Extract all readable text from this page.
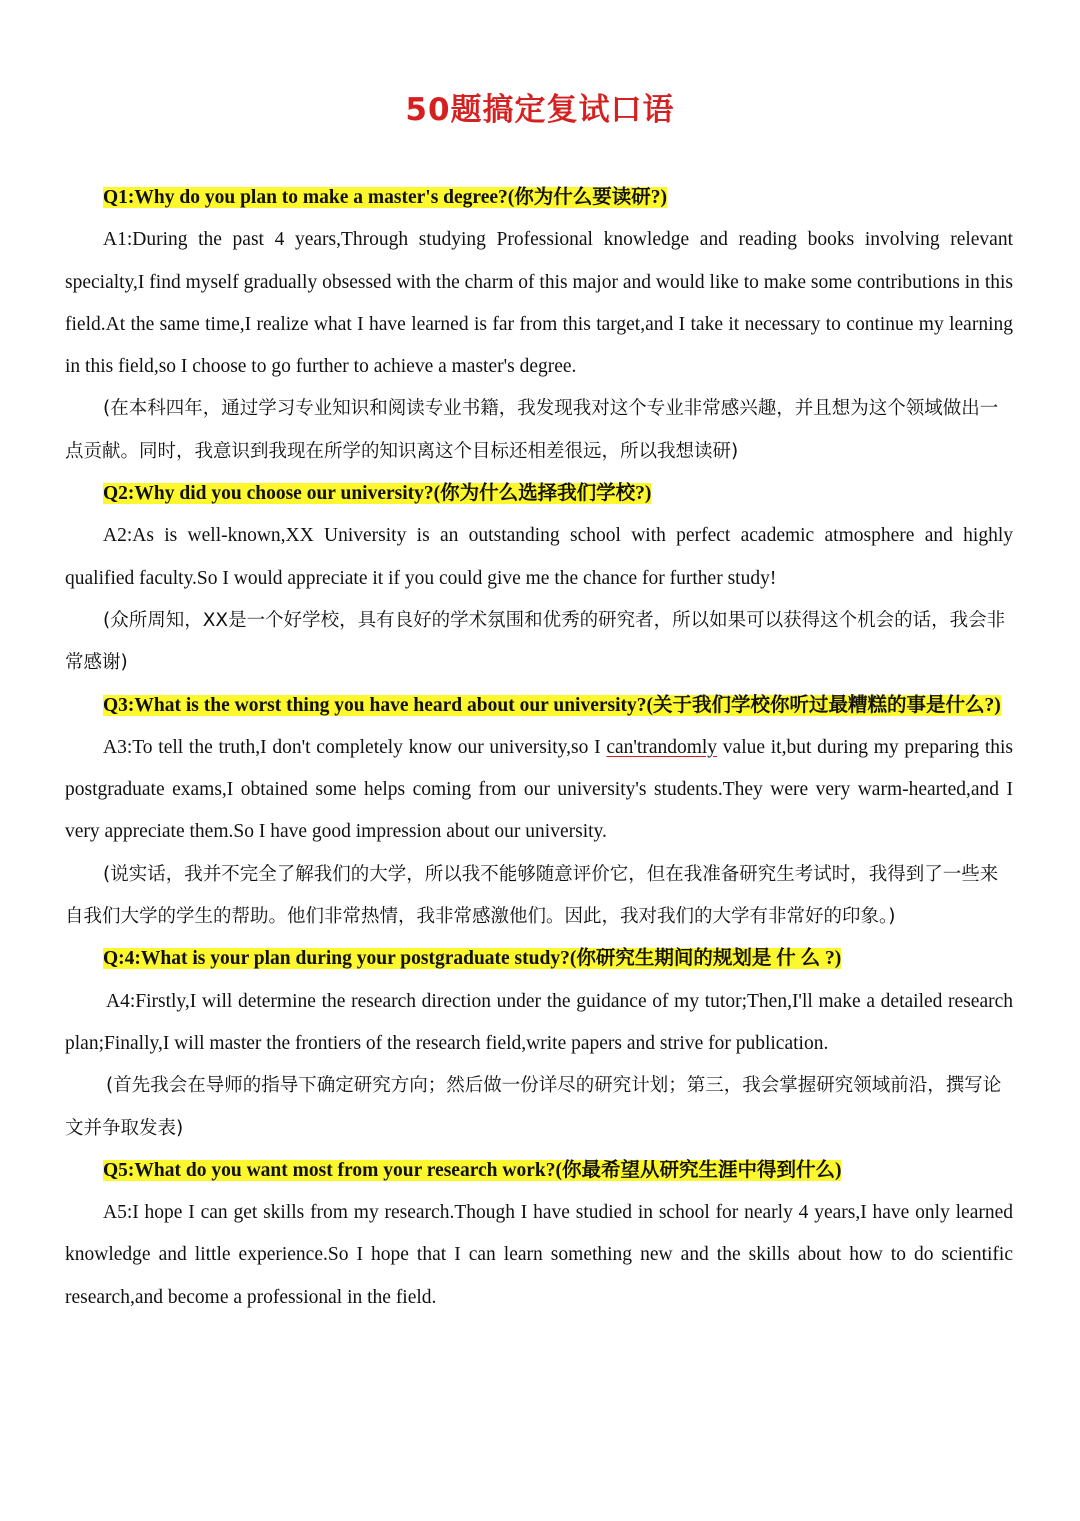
50题搞定复试口语

Q1:Why do you plan to make a master's degree?(你为什么要读研?)

A1:During the past 4 years,Through studying Professional knowledge and reading books involving relevant specialty,I find myself gradually obsessed with the charm of this major and would like to make some contributions in this field.At the same time,I realize what I have learned is far from this target,and I take it necessary to continue my learning in this field,so I choose to go further to achieve a master's degree.

(在本科四年，通过学习专业知识和阅读专业书籍，我发现我对这个专业非常感兴趣，并且想为这个领域做出一点贡献。同时，我意识到我现在所学的知识离这个目标还相差很远，所以我想读研)

Q2:Why did you choose our university?(你为什么选择我们学校?)

A2:As is well-known,XX University is an outstanding school with perfect academic atmosphere and highly qualified faculty.So I would appreciate it if you could give me the chance for further study!

(众所周知，XX是一个好学校，具有良好的学术氛围和优秀的研究者，所以如果可以获得这个机会的话，我会非常感谢)

Q3:What is the worst thing you have heard about our university?(关于我们学校你听过最糟糕的事是什么?)

A3:To tell the truth,I don't completely know our university,so I can'trandomly value it,but during my preparing this postgraduate exams,I obtained some helps coming from our university's students.They were very warm-hearted,and I very appreciate them.So I have good impression about our university.

(说实话，我并不完全了解我们的大学，所以我不能够随意评价它，但在我准备研究生考试时，我得到了一些来自我们大学的学生的帮助。他们非常热情，我非常感激他们。因此，我对我们的大学有非常好的印象。)

Q:4:What is your plan during your postgraduate study?(你研究生期间的规划是 什 么 ?)

A4:Firstly,I will determine the research direction under the guidance of my tutor;Then,I'll make a detailed research plan;Finally,I will master the frontiers of the research field,write papers and strive for publication.

(首先我会在导师的指导下确定研究方向；然后做一份详尽的研究计划；第三，我会掌握研究领域前沿，撰写论文并争取发表)

Q5:What do you want most from your research work?(你最希望从研究生涯中得到什么)

A5:I hope I can get skills from my research.Though I have studied in school for nearly 4 years,I have only learned knowledge and little experience.So I hope that I can learn something new and the skills about how to do scientific research,and become a professional in the field.
